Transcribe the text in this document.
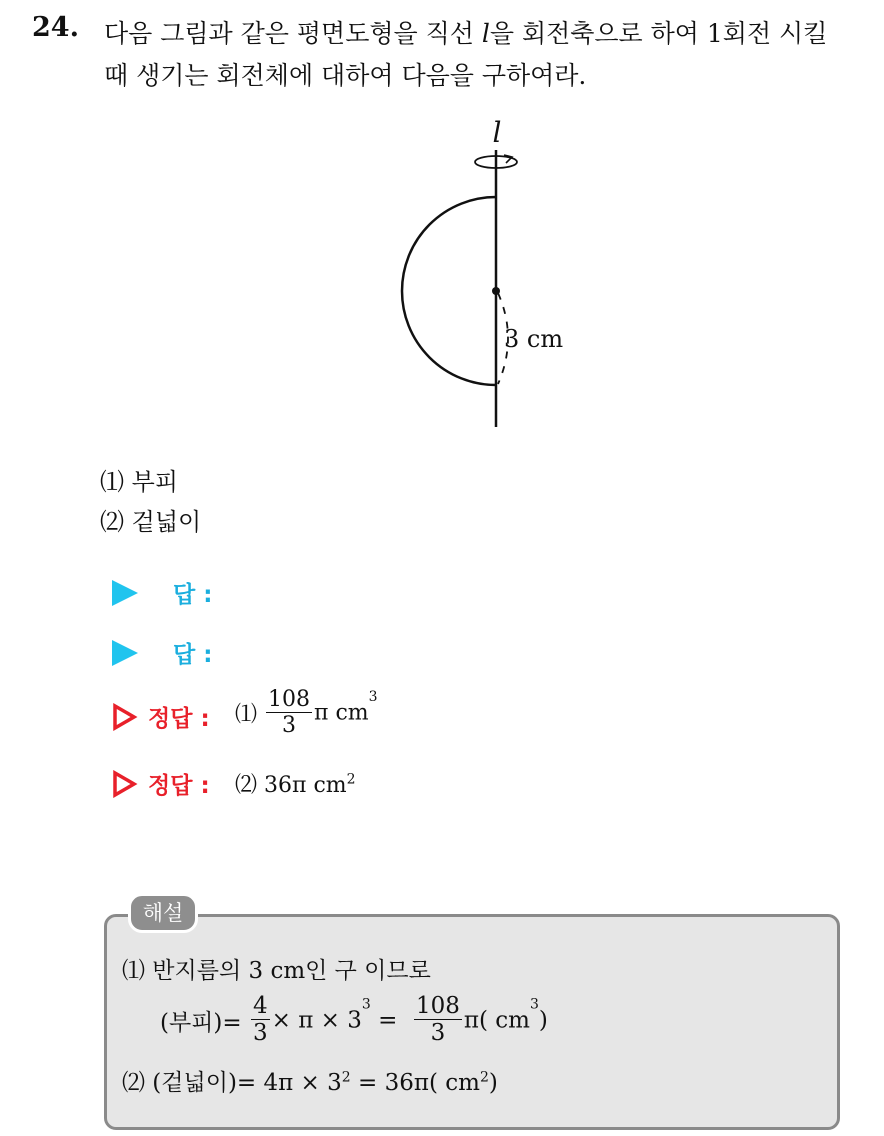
24. 다음 그림과 같은 평면도형을 직선 l을 회전축으로 하여 1회전 시킬
때 생기는 회전체에 대하여 다음을 구하여라.
l
3 cm
⑴ 부피
⑵ 겉넓이
답 :
답 :
정답 : ⑴ $\frac{108}{3}$ π $cm^3$
정답 : ⑵ 36π $cm^2$
해설
⑴ 반지름의 3 cm인 구 이므로
(부피)= $\frac{4}{3} \times \pi \times 3^3 = \frac{108}{3} \pi$( $cm^3$)
⑵ (겉넓이)= $4\pi \times 3^2 = 36\pi$( $cm^2$)
